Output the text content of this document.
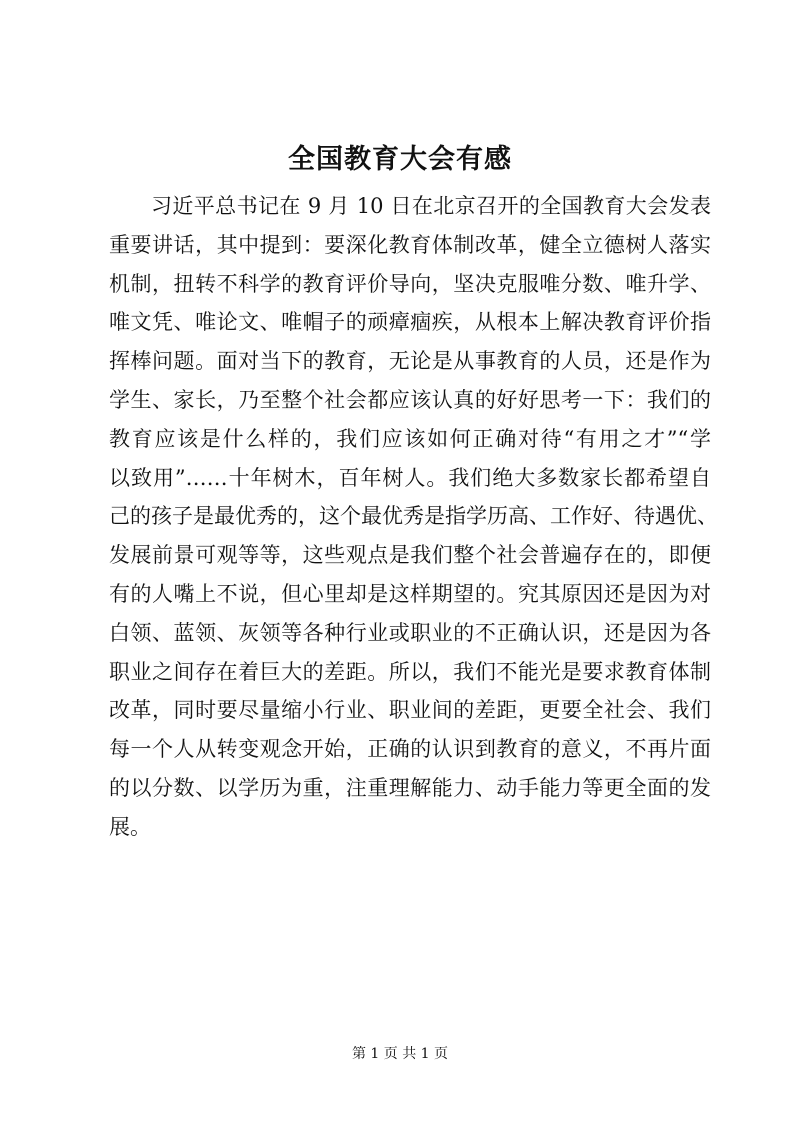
全国教育大会有感
习近平总书记在 9 月 10 日在北京召开的全国教育大会发表
重要讲话，其中提到：要深化教育体制改革，健全立德树人落实
机制，扭转不科学的教育评价导向，坚决克服唯分数、唯升学、
唯文凭、唯论文、唯帽子的顽瘴痼疾，从根本上解决教育评价指
挥棒问题。面对当下的教育，无论是从事教育的人员，还是作为
学生、家长，乃至整个社会都应该认真的好好思考一下：我们的
教育应该是什么样的，我们应该如何正确对待“有用之才”“学
以致用”……十年树木，百年树人。我们绝大多数家长都希望自
己的孩子是最优秀的，这个最优秀是指学历高、工作好、待遇优、
发展前景可观等等，这些观点是我们整个社会普遍存在的，即便
有的人嘴上不说，但心里却是这样期望的。究其原因还是因为对
白领、蓝领、灰领等各种行业或职业的不正确认识，还是因为各
职业之间存在着巨大的差距。所以，我们不能光是要求教育体制
改革，同时要尽量缩小行业、职业间的差距，更要全社会、我们
每一个人从转变观念开始，正确的认识到教育的意义，不再片面
的以分数、以学历为重，注重理解能力、动手能力等更全面的发
展。
第 1 页 共 1 页
